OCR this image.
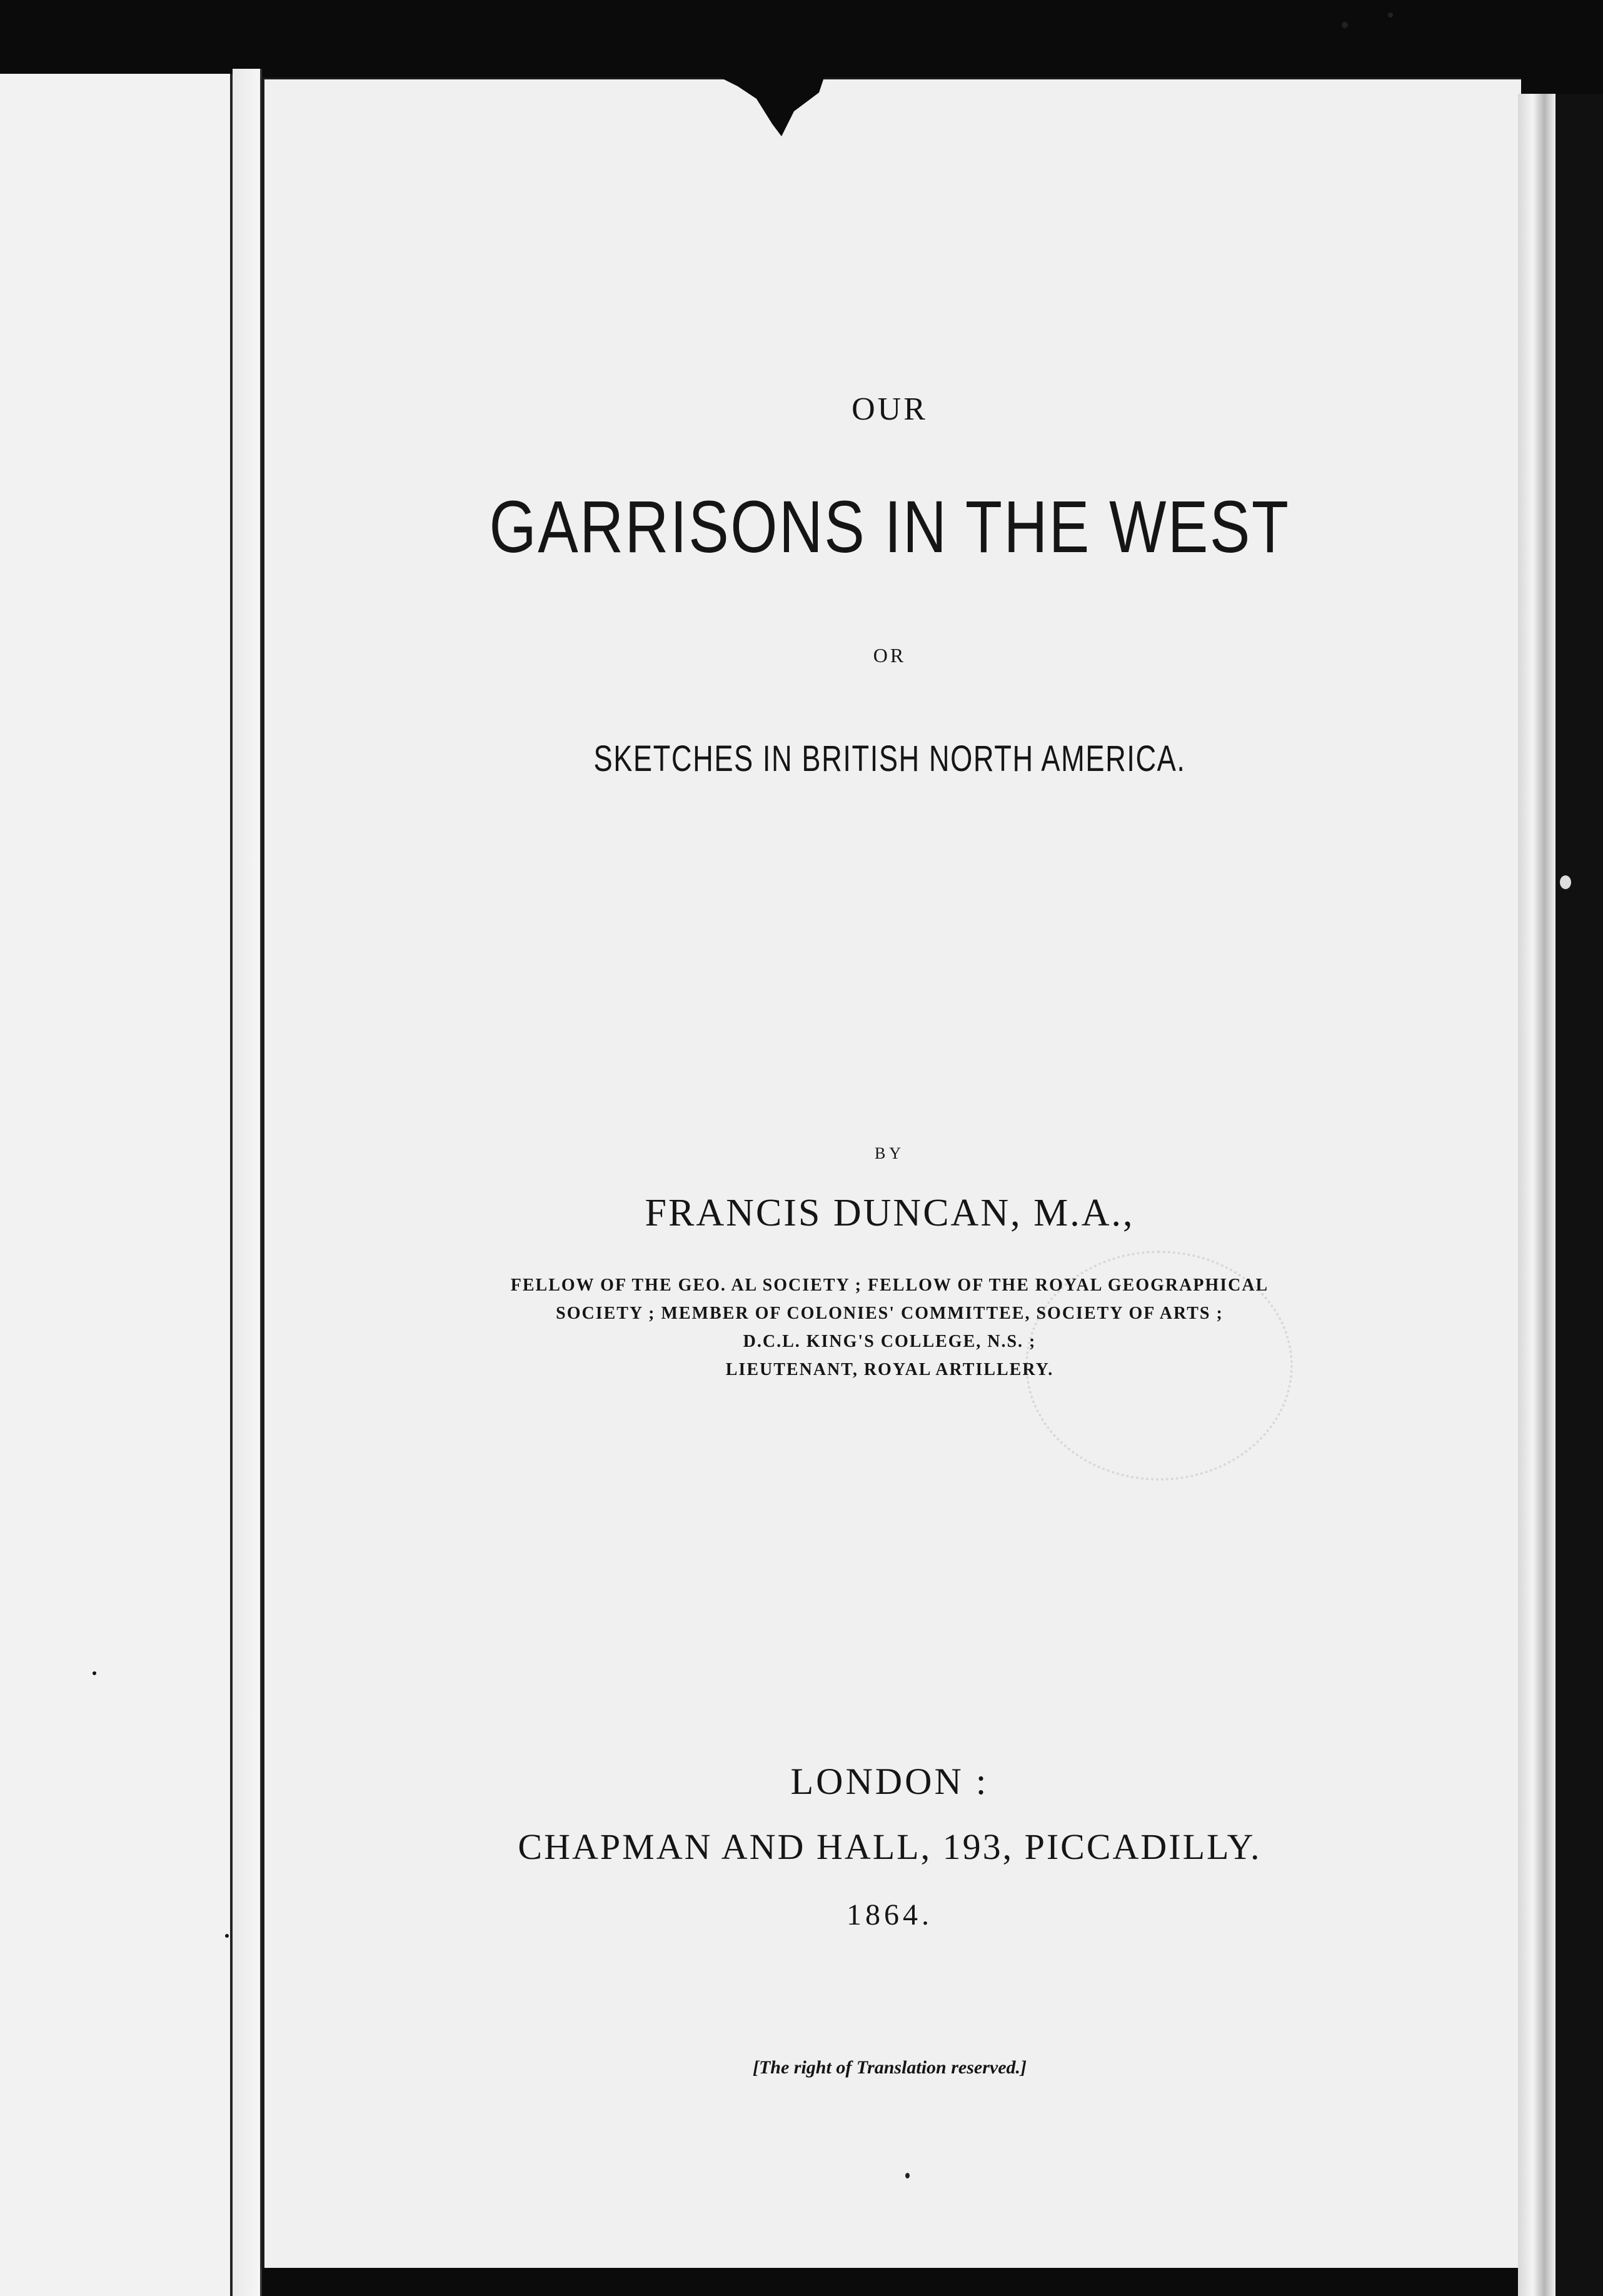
OUR
GARRISONS IN THE WEST
OR
SKETCHES IN BRITISH NORTH AMERICA.
BY
FRANCIS DUNCAN, M.A.,
FELLOW OF THE GEO. AL SOCIETY ; FELLOW OF THE ROYAL GEOGRAPHICAL
SOCIETY ; MEMBER OF COLONIES' COMMITTEE, SOCIETY OF ARTS ;
D.C.L. KING'S COLLEGE, N.S. ;
LIEUTENANT, ROYAL ARTILLERY.
LONDON :
CHAPMAN AND HALL, 193, PICCADILLY.
1864.
[The right of Translation reserved.]
